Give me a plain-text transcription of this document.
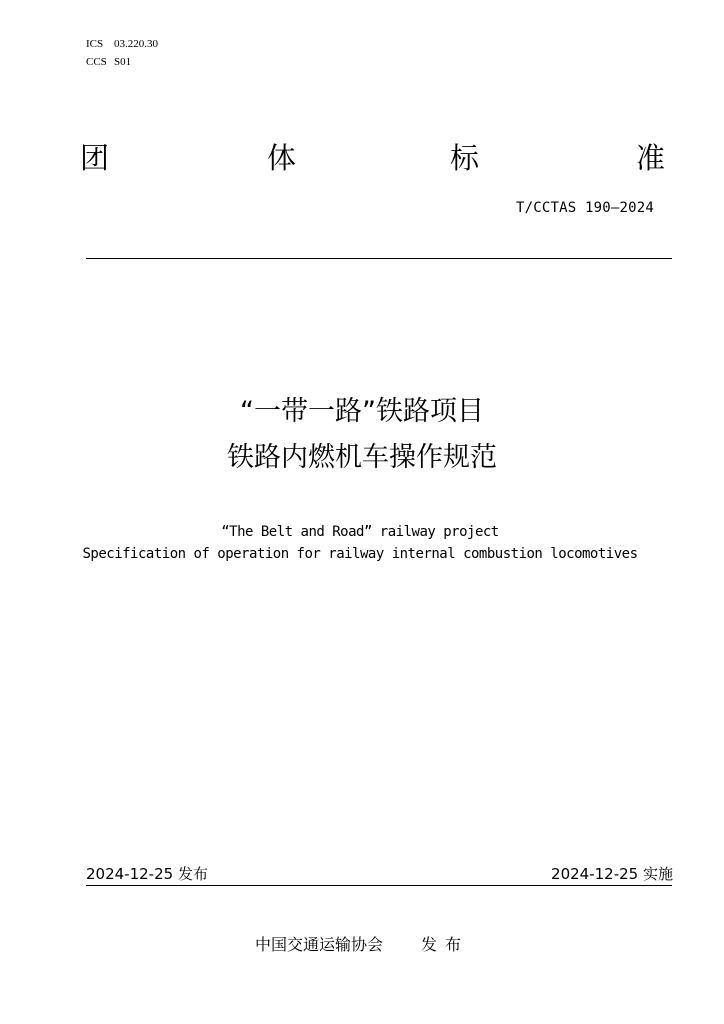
ICS 03.220.30
CCS S01
团	体	标	准
T/CCTAS 190—2024
“一带一路”铁路项目
铁路内燃机车操作规范
“The Belt and Road” railway project
Specification of operation for railway internal combustion locomotives
2024-12-25 发布	2024-12-25 实施
中国交通运输协会 发布
